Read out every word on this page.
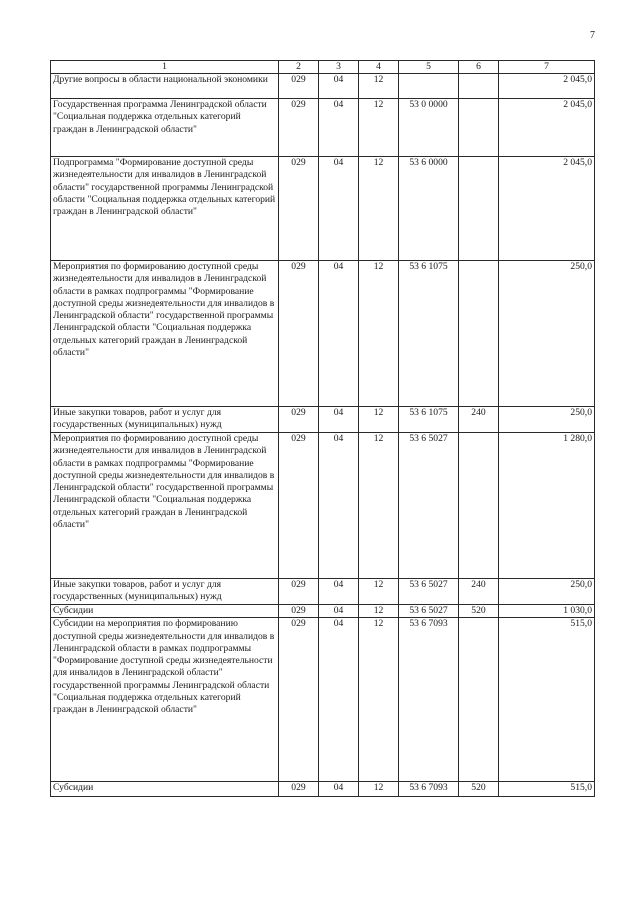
7
1	2	3	4	5	6	7
Другие вопросы в области национальной экономики	029	04	12			2 045,0
Государственная программа Ленинградской области "Социальная поддержка отдельных категорий граждан в Ленинградской области"	029	04	12	53 0 0000		2 045,0
Подпрограмма "Формирование доступной среды жизнедеятельности для инвалидов в Ленинградской области" государственной программы Ленинградской области "Социальная поддержка отдельных категорий граждан в Ленинградской области"	029	04	12	53 6 0000		2 045,0
Мероприятия по формированию доступной среды жизнедеятельности для инвалидов в Ленинградской области в рамках подпрограммы "Формирование доступной среды жизнедеятельности для инвалидов в Ленинградской области" государственной программы Ленинградской области "Социальная поддержка отдельных категорий граждан в Ленинградской области"	029	04	12	53 6 1075		250,0
Иные закупки товаров, работ и услуг для государственных (муниципальных) нужд	029	04	12	53 6 1075	240	250,0
Мероприятия по формированию доступной среды жизнедеятельности для инвалидов в Ленинградской области в рамках подпрограммы "Формирование доступной среды жизнедеятельности для инвалидов в Ленинградской области" государственной программы Ленинградской области "Социальная поддержка отдельных категорий граждан в Ленинградской области"	029	04	12	53 6 5027		1 280,0
Иные закупки товаров, работ и услуг для государственных (муниципальных) нужд	029	04	12	53 6 5027	240	250,0
Субсидии	029	04	12	53 6 5027	520	1 030,0
Субсидии на мероприятия по формированию доступной среды жизнедеятельности для инвалидов в Ленинградской области в рамках подпрограммы "Формирование доступной среды жизнедеятельности для инвалидов в Ленинградской области" государственной программы Ленинградской области "Социальная поддержка отдельных категорий граждан в Ленинградской области"	029	04	12	53 6 7093		515,0
Субсидии	029	04	12	53 6 7093	520	515,0
